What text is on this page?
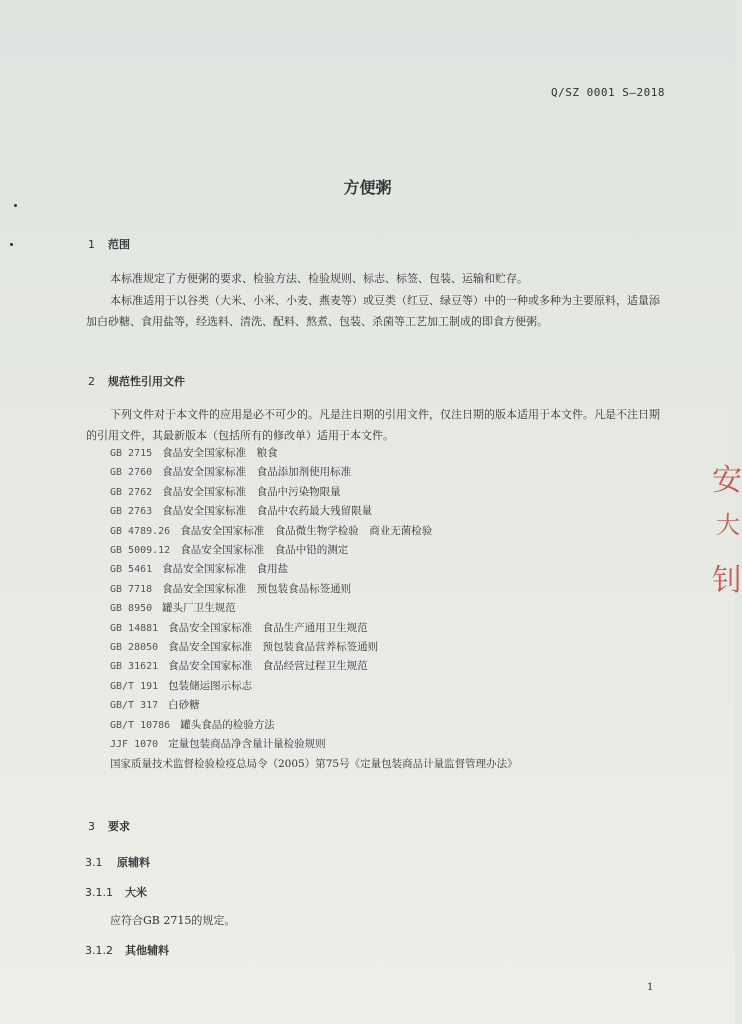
Q/SZ 0001 S—2018
方便粥
1 范围
本标准规定了方便粥的要求、检验方法、检验规则、标志、标签、包装、运输和贮存。
本标准适用于以谷类（大米、小米、小麦、燕麦等）或豆类（红豆、绿豆等）中的一种或多种为主要原料，适量添加白砂糖、食用盐等，经选料、清洗、配料、熬煮、包装、杀菌等工艺加工制成的即食方便粥。
2 规范性引用文件
下列文件对于本文件的应用是必不可少的。凡是注日期的引用文件，仅注日期的版本适用于本文件。凡是不注日期的引用文件，其最新版本（包括所有的修改单）适用于本文件。
GB 2715 食品安全国家标准　粮食
GB 2760 食品安全国家标准　食品添加剂使用标准
GB 2762 食品安全国家标准　食品中污染物限量
GB 2763 食品安全国家标准　食品中农药最大残留限量
GB 4789.26 食品安全国家标准　食品微生物学检验　商业无菌检验
GB 5009.12 食品安全国家标准　食品中铅的测定
GB 5461 食品安全国家标准　食用盐
GB 7718 食品安全国家标准　预包装食品标签通则
GB 8950 罐头厂卫生规范
GB 14881 食品安全国家标准　食品生产通用卫生规范
GB 28050 食品安全国家标准　预包装食品营养标签通则
GB 31621 食品安全国家标准　食品经营过程卫生规范
GB/T 191 包装储运图示标志
GB/T 317 白砂糖
GB/T 10786 罐头食品的检验方法
JJF 1070 定量包装商品净含量计量检验规则
国家质量技术监督检验检疫总局令（2005）第75号《定量包装商品计量监督管理办法》
3 要求
3.1 原辅料
3.1.1 大米
应符合GB 2715的规定。
3.1.2 其他辅料
1
安
大
钊
